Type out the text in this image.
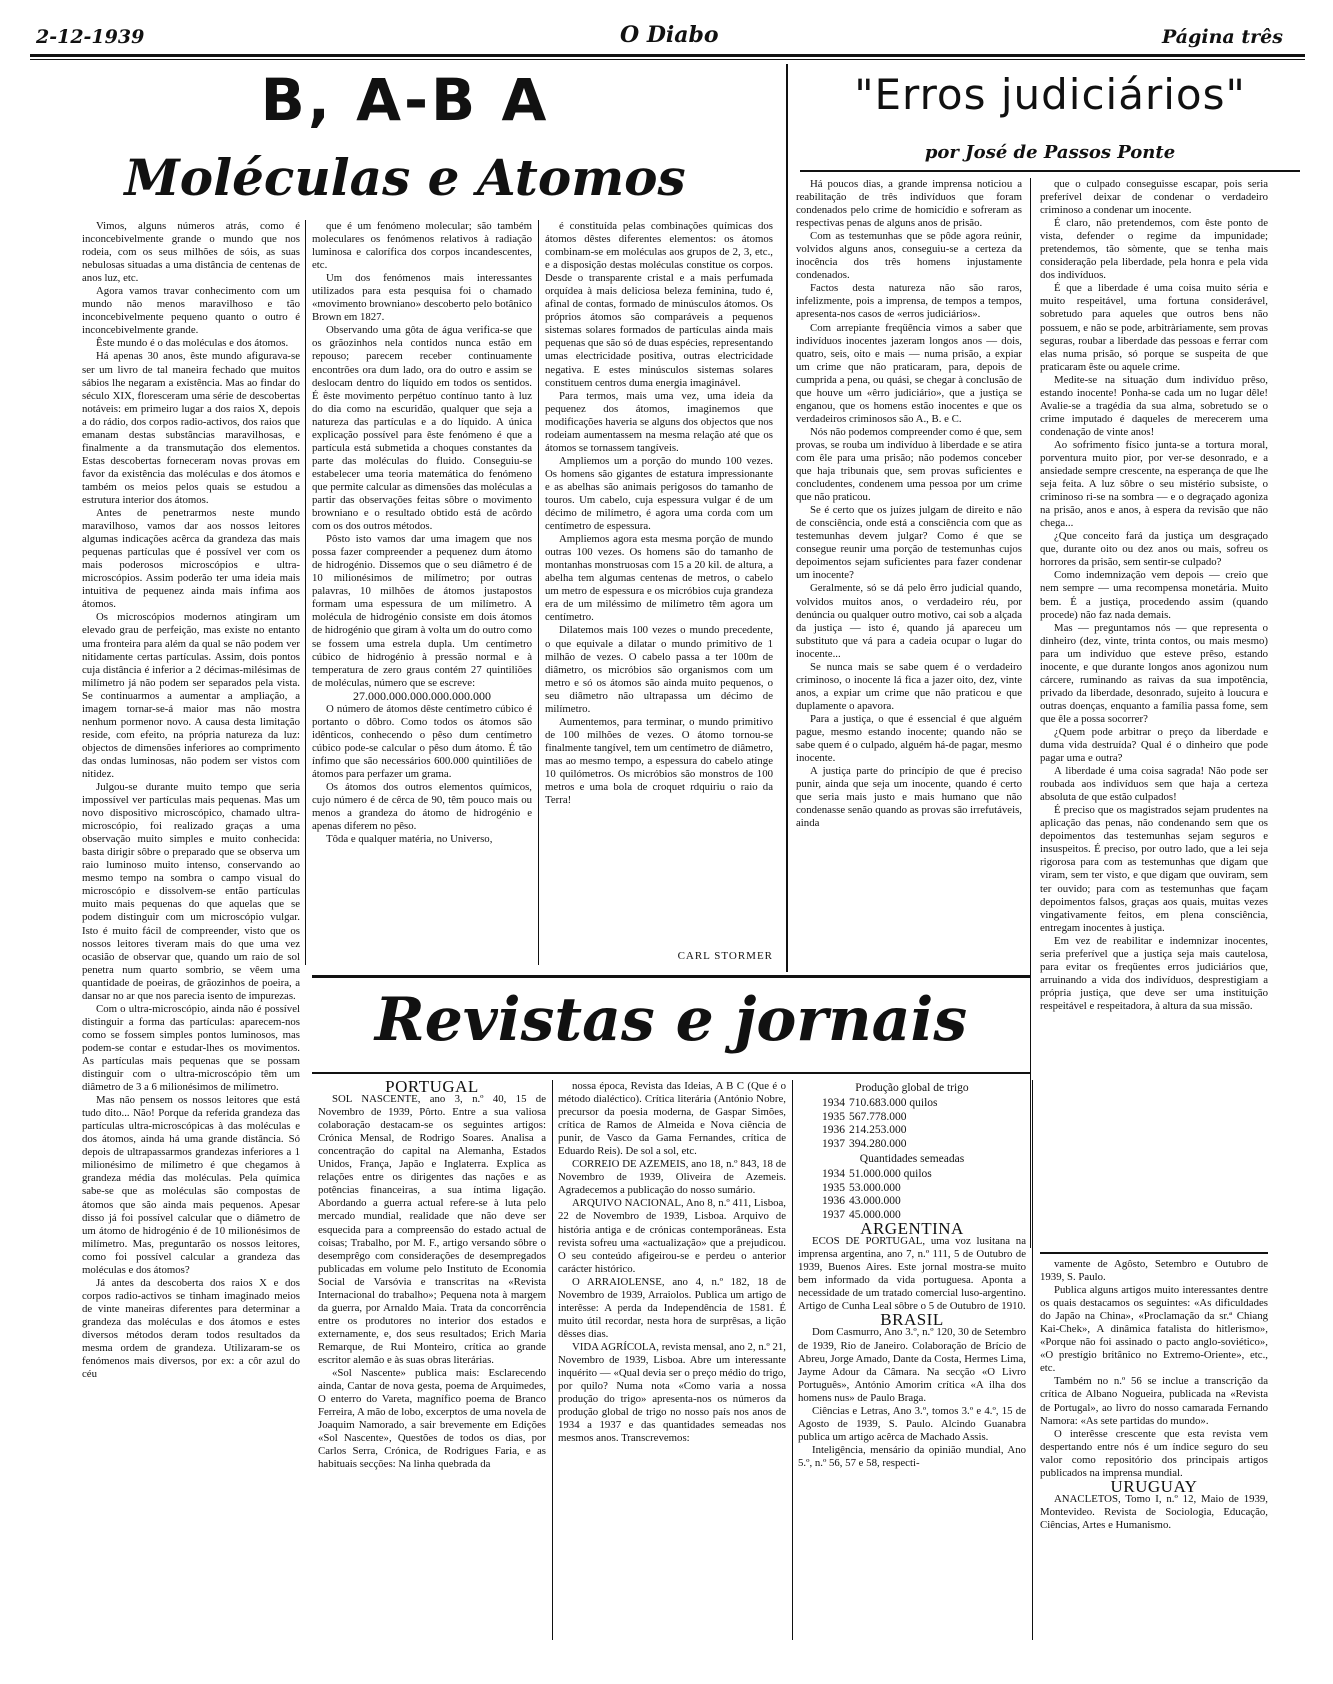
2-12-1939	O Diabo	Página três
B, A-B A
Moléculas e Atomos

Vimos, alguns números atrás, como é inconcebivelmente grande o mundo que nos rodeia, com os seus milhões de sóis, as suas nebulosas situadas a uma distância de centenas de anos luz, etc.

Agora vamos travar conhecimento com um mundo não menos maravilhoso e tão inconcebivelmente pequeno quanto o outro é inconcebivelmente grande.

Êste mundo é o das moléculas e dos átomos.

Há apenas 30 anos, êste mundo afigurava-se ser um livro de tal maneira fechado que muitos sábios lhe negaram a existência. Mas ao findar do século XIX, floresceram uma série de descobertas notáveis: em primeiro lugar a dos raios X, depois a do rádio, dos corpos radio-activos, dos raios que emanam destas substâncias maravilhosas, e finalmente a da transmutação dos elementos. Estas descobertas forneceram novas provas em favor da existência das moléculas e dos átomos e também os meios pelos quais se estudou a estrutura interior dos átomos.

Antes de penetrarmos neste mundo maravilhoso, vamos dar aos nossos leitores algumas indicações acêrca da grandeza das mais pequenas partículas que é possível ver com os mais poderosos microscópios e ultra-microscópios. Assim poderão ter uma ideia mais intuitiva de pequenez ainda mais ínfima aos átomos.

Os microscópios modernos atingiram um elevado grau de perfeição, mas existe no entanto uma fronteira para além da qual se não podem ver nitidamente certas partículas. Assim, dois pontos cuja distância é inferior a 2 décimas-milésimas de milímetro já não podem ser separados pela vista. Se continuarmos a aumentar a ampliação, a imagem tornar-se-á maior mas não mostra nenhum pormenor novo. A causa desta limitação reside, com efeito, na própria natureza da luz: objectos de dimensões inferiores ao comprimento das ondas luminosas, não podem ser vistos com nitidez.

Julgou-se durante muito tempo que seria impossível ver partículas mais pequenas. Mas um novo dispositivo microscópico, chamado ultra-microscópio, foi realizado graças a uma observação muito simples e muito conhecida: basta dirigir sôbre o preparado que se observa um raio luminoso muito intenso, conservando ao mesmo tempo na sombra o campo visual do microscópio e dissolvem-se então partículas muito mais pequenas do que aquelas que se podem distinguir com um microscópio vulgar. Isto é muito fácil de compreender, visto que os nossos leitores tiveram mais do que uma vez ocasião de observar que, quando um raio de sol penetra num quarto sombrio, se vêem uma quantidade de poeiras, de grãozinhos de poeira, a dansar no ar que nos parecia isento de impurezas.

Com o ultra-microscópio, ainda não é possível distinguir a forma das partículas: aparecem-nos como se fossem simples pontos luminosos, mas podem-se contar e estudar-lhes os movimentos. As partículas mais pequenas que se possam distinguir com o ultra-microscópio têm um diâmetro de 3 a 6 milionésimos de milímetro.

Mas não pensem os nossos leitores que está tudo dito... Não! Porque da referida grandeza das partículas ultra-microscópicas à das moléculas e dos átomos, ainda há uma grande distância. Só depois de ultrapassarmos grandezas inferiores a 1 milionésimo de milímetro é que chegamos à grandeza média das moléculas. Pela química sabe-se que as moléculas são compostas de átomos que são ainda mais pequenos. Apesar disso já foi possível calcular que o diâmetro de um átomo de hidrogénio é de 10 milionésimos de milímetro. Mas, preguntarão os nossos leitores, como foi possível calcular a grandeza das moléculas e dos átomos?

Já antes da descoberta dos raios X e dos corpos radio-activos se tinham imaginado meios de vinte maneiras diferentes para determinar a grandeza das moléculas e dos átomos e estes diversos métodos deram todos resultados da mesma ordem de grandeza. Utilizaram-se os fenómenos mais diversos, por ex: a côr azul do céu

que é um fenómeno molecular; são também moleculares os fenómenos relativos à radiação luminosa e calorífica dos corpos incandescentes, etc.

Um dos fenómenos mais interessantes utilizados para esta pesquisa foi o chamado «movimento browniano» descoberto pelo botânico Brown em 1827.

Observando uma gôta de água verifica-se que os grãozinhos nela contidos nunca estão em repouso; parecem receber continuamente encontrões ora dum lado, ora do outro e assim se deslocam dentro do líquido em todos os sentidos. É êste movimento perpétuo contínuo tanto à luz do dia como na escuridão, qualquer que seja a natureza das partículas e a do líquido. A única explicação possível para êste fenómeno é que a partícula está submetida a choques constantes da parte das moléculas do fluido. Conseguiu-se estabelecer uma teoria matemática do fenómeno que permite calcular as dimensões das moléculas a partir das observações feitas sôbre o movimento browniano e o resultado obtido está de acôrdo com os dos outros métodos.

Pôsto isto vamos dar uma imagem que nos possa fazer compreender a pequenez dum átomo de hidrogénio. Dissemos que o seu diâmetro é de 10 milionésimos de milímetro; por outras palavras, 10 milhões de átomos justapostos formam uma espessura de um milímetro. A molécula de hidrogénio consiste em dois átomos de hidrogénio que giram à volta um do outro como se fossem uma estrela dupla. Um centímetro cúbico de hidrogénio à pressão normal e à temperatura de zero graus contém 27 quintiliões de moléculas, número que se escreve:

27.000.000.000.000.000.000

O número de átomos dêste centímetro cúbico é portanto o dôbro. Como todos os átomos são idênticos, conhecendo o pêso dum centímetro cúbico pode-se calcular o pêso dum átomo. É tão ínfimo que são necessários 600.000 quintiliões de átomos para perfazer um grama.

Os átomos dos outros elementos químicos, cujo número é de cêrca de 90, têm pouco mais ou menos a grandeza do átomo de hidrogénio e apenas diferem no pêso.

Tôda e qualquer matéria, no Universo,

é constituída pelas combinações químicas dos átomos dêstes diferentes elementos: os átomos combinam-se em moléculas aos grupos de 2, 3, etc., e a disposição destas moléculas constitue os corpos. Desde o transparente cristal e a mais perfumada orquídea à mais deliciosa beleza feminina, tudo é, afinal de contas, formado de minúsculos átomos. Os próprios átomos são comparáveis a pequenos sistemas solares formados de partículas ainda mais pequenas que são só de duas espécies, representando umas electricidade positiva, outras electricidade negativa. E estes minúsculos sistemas solares constituem centros duma energia imaginável.

Para termos, mais uma vez, uma ideia da pequenez dos átomos, imaginemos que modificações haveria se alguns dos objectos que nos rodeiam aumentassem na mesma relação até que os átomos se tornassem tangíveis.

Ampliemos um a porção do mundo 100 vezes. Os homens são gigantes de estatura impressionante e as abelhas são animais perigosos do tamanho de touros. Um cabelo, cuja espessura vulgar é de um décimo de milímetro, é agora uma corda com um centímetro de espessura.

Ampliemos agora esta mesma porção de mundo outras 100 vezes. Os homens são do tamanho de montanhas monstruosas com 15 a 20 kil. de altura, a abelha tem algumas centenas de metros, o cabelo um metro de espessura e os micróbios cuja grandeza era de um miléssimo de milímetro têm agora um centímetro.

Dilatemos mais 100 vezes o mundo precedente, o que equivale a dilatar o mundo primitivo de 1 milhão de vezes. O cabelo passa a ter 100m de diâmetro, os micróbios são organismos com um metro e só os átomos são ainda muito pequenos, o seu diâmetro não ultrapassa um décimo de milímetro.

Aumentemos, para terminar, o mundo primitivo de 100 milhões de vezes. O átomo tornou-se finalmente tangível, tem um centímetro de diâmetro, mas ao mesmo tempo, a espessura do cabelo atinge 10 quilómetros. Os micróbios são monstros de 100 metros e uma bola de croquet rdquiriu o raio da Terra!

CARL STORMER
"Erros judiciários"
por José de Passos Ponte

Há poucos dias, a grande imprensa noticiou a reabilitação de três indivíduos que foram condenados pelo crime de homicídio e sofreram as respectivas penas de alguns anos de prisão.

Com as testemunhas que se pôde agora reúnir, volvidos alguns anos, conseguiu-se a certeza da inocência dos três homens injustamente condenados.

Factos desta natureza não são raros, infelizmente, pois a imprensa, de tempos a tempos, apresenta-nos casos de «erros judiciários».

Com arrepiante freqüência vimos a saber que indivíduos inocentes jazeram longos anos — dois, quatro, seis, oito e mais — numa prisão, a expiar um crime que não praticaram, para, depois de cumprida a pena, ou quási, se chegar à conclusão de que houve um «êrro judiciário», que a justiça se enganou, que os homens estão inocentes e que os verdadeiros criminosos são A., B. e C.

Nós não podemos compreender como é que, sem provas, se rouba um indivíduo à liberdade e se atira com êle para uma prisão; não podemos conceber que haja tribunais que, sem provas suficientes e concludentes, condenem uma pessoa por um crime que não praticou.

Se é certo que os juízes julgam de direito e não de consciência, onde está a consciência com que as testemunhas devem julgar? Como é que se consegue reunir uma porção de testemunhas cujos depoimentos sejam suficientes para fazer condenar um inocente?

Geralmente, só se dá pelo êrro judicial quando, volvidos muitos anos, o verdadeiro réu, por denúncia ou qualquer outro motivo, cai sob a alçada da justiça — isto é, quando já apareceu um substituto que vá para a cadeia ocupar o lugar do inocente...

Se nunca mais se sabe quem é o verdadeiro criminoso, o inocente lá fica a jazer oito, dez, vinte anos, a expiar um crime que não praticou e que duplamente o apavora.

Para a justiça, o que é essencial é que alguém pague, mesmo estando inocente; quando não se sabe quem é o culpado, alguém há-de pagar, mesmo inocente.

A justiça parte do princípio de que é preciso punir, ainda que seja um inocente, quando é certo que seria mais justo e mais humano que não condenasse senão quando as provas são irrefutáveis, ainda

que o culpado conseguisse escapar, pois seria preferível deixar de condenar o verdadeiro criminoso a condenar um inocente.

É claro, não pretendemos, com êste ponto de vista, defender o regime da impunidade; pretendemos, tão sòmente, que se tenha mais consideração pela liberdade, pela honra e pela vida dos indivíduos.

É que a liberdade é uma coisa muito séria e muito respeitável, uma fortuna considerável, sobretudo para aqueles que outros bens não possuem, e não se pode, arbitràriamente, sem provas seguras, roubar a liberdade das pessoas e ferrar com elas numa prisão, só porque se suspeita de que praticaram êste ou aquele crime.

Medite-se na situação dum indivíduo prêso, estando inocente! Ponha-se cada um no lugar dêle! Avalie-se a tragédia da sua alma, sobretudo se o crime imputado é daqueles de merecerem uma condenação de vinte anos!

Ao sofrimento físico junta-se a tortura moral, porventura muito pior, por ver-se desonrado, e a ansiedade sempre crescente, na esperança de que lhe seja feita. A luz sôbre o seu mistério subsiste, o criminoso ri-se na sombra — e o degraçado agoniza na prisão, anos e anos, à espera da revisão que não chega...

¿Que conceito fará da justiça um desgraçado que, durante oito ou dez anos ou mais, sofreu os horrores da prisão, sem sentir-se culpado?

Como indemnização vem depois — creio que nem sempre — uma recompensa monetária. Muito bem. É a justiça, procedendo assim (quando procede) não faz nada demais.

Mas — preguntamos nós — que representa o dinheiro (dez, vinte, trinta contos, ou mais mesmo) para um indivíduo que esteve prêso, estando inocente, e que durante longos anos agonizou num cárcere, ruminando as raivas da sua impotência, privado da liberdade, desonrado, sujeito à loucura e outras doenças, enquanto a família passa fome, sem que êle a possa socorrer?

¿Quem pode arbitrar o preço da liberdade e duma vida destruída? Qual é o dinheiro que pode pagar uma e outra?

A liberdade é uma coisa sagrada! Não pode ser roubada aos indivíduos sem que haja a certeza absoluta de que estão culpados!

É preciso que os magistrados sejam prudentes na aplicação das penas, não condenando sem que os depoimentos das testemunhas sejam seguros e insuspeitos. É preciso, por outro lado, que a lei seja rigorosa para com as testemunhas que digam que viram, sem ter visto, e que digam que ouviram, sem ter ouvido; para com as testemunhas que façam depoimentos falsos, graças aos quais, muitas vezes vingativamente feitos, em plena consciência, entregam inocentes à justiça.

Em vez de reabilitar e indemnizar inocentes, seria preferível que a justiça seja mais cautelosa, para evitar os freqüentes erros judiciários que, arruinando a vida dos indivíduos, desprestigiam a própria justiça, que deve ser uma instituição respeitável e respeitadora, à altura da sua missão.

Revistas e jornais

PORTUGAL

SOL NASCENTE, ano 3, n.º 40, 15 de Novembro de 1939, Pôrto. Entre a sua valiosa colaboração destacam-se os seguintes artigos: Crónica Mensal, de Rodrigo Soares. Analisa a concentração do capital na Alemanha, Estados Unidos, França, Japão e Inglaterra. Explica as relações entre os dirigentes das nações e as potências financeiras, a sua íntima ligação. Abordando a guerra actual refere-se à luta pelo mercado mundial, realidade que não deve ser esquecida para a compreensão do estado actual de coisas; Trabalho, por M. F., artigo versando sôbre o desemprêgo com considerações de desempregados publicadas em volume pelo Instituto de Economia Social de Varsóvia e transcritas na «Revista Internacional do trabalho»; Pequena nota à margem da guerra, por Arnaldo Maia. Trata da concorrência entre os produtores no interior dos estados e externamente, e, dos seus resultados; Erich Maria Remarque, de Rui Monteiro, crítica ao grande escritor alemão e às suas obras literárias.

«Sol Nascente» publica mais: Esclarecendo ainda, Cantar de nova gesta, poema de Arquimedes, O enterro do Vareta, magnífico poema de Branco Ferreira, A mão de lobo, excerptos de uma novela de Joaquim Namorado, a sair brevemente em Edições «Sol Nascente», Questões de todos os dias, por Carlos Serra, Crónica, de Rodrigues Faria, e as habituais secções: Na linha quebrada da

nossa época, Revista das Ideias, A B C (Que é o método dialéctico). Crítica literária (António Nobre, precursor da poesia moderna, de Gaspar Simões, crítica de Ramos de Almeida e Nova ciência de punir, de Vasco da Gama Fernandes, crítica de Eduardo Reis). De sol a sol, etc.

CORREIO DE AZEMEIS, ano 18, n.º 843, 18 de Novembro de 1939, Oliveira de Azemeis. Agradecemos a publicação do nosso sumário.

ARQUIVO NACIONAL, Ano 8, n.º 411, Lisboa, 22 de Novembro de 1939, Lisboa. Arquivo de história antiga e de crónicas contemporâneas. Esta revista sofreu uma «actualização» que a prejudicou. O seu conteúdo afigeirou-se e perdeu o anterior carácter histórico.

O ARRAIOLENSE, ano 4, n.º 182, 18 de Novembro de 1939, Arraiolos. Publica um artigo de interêsse: A perda da Independência de 1581. É muito útil recordar, nesta hora de surprêsas, a lição dêsses dias.

VIDA AGRÍCOLA, revista mensal, ano 2, n.º 21, Novembro de 1939, Lisboa. Abre um interessante inquérito — «Qual devia ser o preço médio do trigo, por quilo? Numa nota «Como varia a nossa produção do trigo» apresenta-nos os números da produção global de trigo no nosso país nos anos de 1934 a 1937 e das quantidades semeadas nos mesmos anos. Transcrevemos:

Produção global de trigo
1934	710.683.000 quilos
1935	567.778.000
1936	214.253.000
1937	394.280.000
Quantidades semeadas
1934	51.000.000 quilos
1935	53.000.000
1936	43.000.000
1937	45.000.000

ARGENTINA

ECOS DE PORTUGAL, uma voz lusitana na imprensa argentina, ano 7, n.º 111, 5 de Outubro de 1939, Buenos Aires. Este jornal mostra-se muito bem informado da vida portuguesa. Aponta a necessidade de um tratado comercial luso-argentino. Artigo de Cunha Leal sôbre o 5 de Outubro de 1910.

BRASIL

Dom Casmurro, Ano 3.º, n.º 120, 30 de Setembro de 1939, Rio de Janeiro. Colaboração de Brício de Abreu, Jorge Amado, Dante da Costa, Hermes Lima, Jayme Adour da Câmara. Na secção «O Livro Português», António Amorim crítica «A ilha dos homens nus» de Paulo Braga.

Ciências e Letras, Ano 3.º, tomos 3.º e 4.º, 15 de Agosto de 1939, S. Paulo. Alcindo Guanabra publica um artigo acêrca de Machado Assis.

Inteligência, mensário da opinião mundial, Ano 5.º, n.º 56, 57 e 58, respecti-

vamente de Agôsto, Setembro e Outubro de 1939, S. Paulo.

Publica alguns artigos muito interessantes dentre os quais destacamos os seguintes: «As dificuldades do Japão na China», «Proclamação da sr.ª Chiang Kai-Chek», A dinâmica fatalista do hitlerismo», «Porque não foi assinado o pacto anglo-soviético», «O prestígio britânico no Extremo-Oriente», etc., etc.

Também no n.º 56 se inclue a transcrição da crítica de Albano Nogueira, publicada na «Revista de Portugal», ao livro do nosso camarada Fernando Namora: «As sete partidas do mundo».

O interêsse crescente que esta revista vem despertando entre nós é um índice seguro do seu valor como repositório dos principais artigos publicados na imprensa mundial.

URUGUAY

ANACLETOS, Tomo I, n.º 12, Maio de 1939, Montevideo. Revista de Sociologia, Educação, Ciências, Artes e Humanismo.
